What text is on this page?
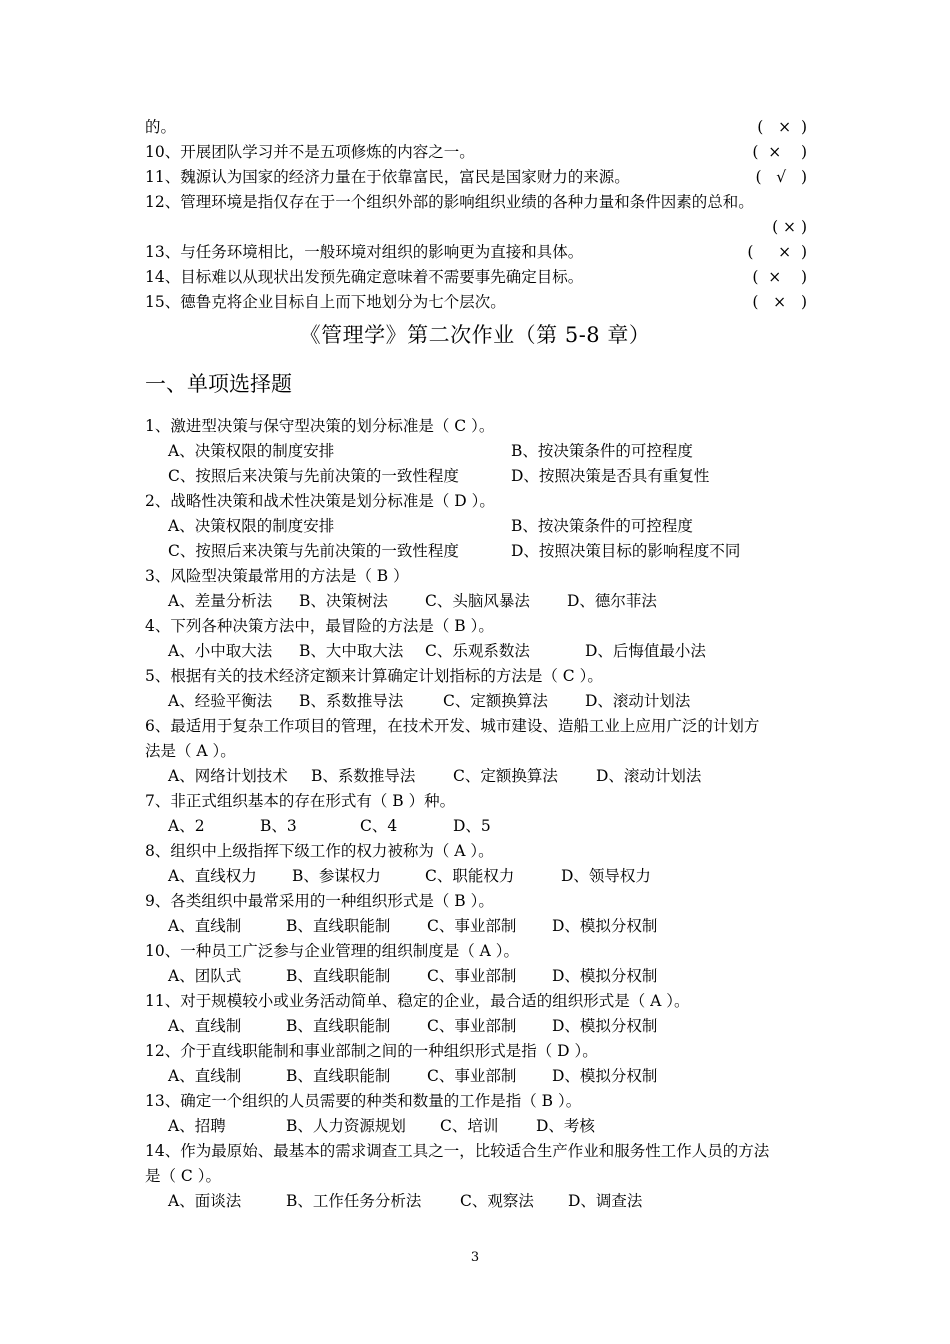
的。	(   ×  )
10、开展团队学习并不是五项修炼的内容之一。	(  ×    )
11、魏源认为国家的经济力量在于依靠富民，富民是国家财力的来源。	(   √   )
12、管理环境是指仅存在于一个组织外部的影响组织业绩的各种力量和条件因素的总和。
( × )
13、与任务环境相比，一般环境对组织的影响更为直接和具体。	(     ×  )
14、目标难以从现状出发预先确定意味着不需要事先确定目标。	(  ×    )
15、德鲁克将企业目标自上而下地划分为七个层次。	(   ×   )
《管理学》第二次作业（第 5-8 章）
一、单项选择题
1、激进型决策与保守型决策的划分标准是（ C ）。
A、决策权限的制度安排	B、按决策条件的可控程度
C、按照后来决策与先前决策的一致性程度	D、按照决策是否具有重复性
2、战略性决策和战术性决策是划分标准是（ D ）。
A、决策权限的制度安排	B、按决策条件的可控程度
C、按照后来决策与先前决策的一致性程度	D、按照决策目标的影响程度不同
3、风险型决策最常用的方法是（ B ）
A、差量分析法 B、决策树法 C、头脑风暴法 D、德尔菲法
4、下列各种决策方法中，最冒险的方法是（ B ）。
A、小中取大法 B、大中取大法 C、乐观系数法	D、后悔值最小法
5、根据有关的技术经济定额来计算确定计划指标的方法是（ C ）。
A、经验平衡法 B、系数推导法	C、定额换算法 D、滚动计划法
6、最适用于复杂工作项目的管理，在技术开发、城市建设、造船工业上应用广泛的计划方
法是（ A ）。
A、网络计划技术 B、系数推导法 C、定额换算法 D、滚动计划法
7、非正式组织基本的存在形式有（ B ）种。
A、2	B、3	C、4	D、5
8、组织中上级指挥下级工作的权力被称为（ A ）。
A、直线权力 B、参谋权力	C、职能权力	D、领导权力
9、各类组织中最常采用的一种组织形式是（ B ）。
A、直线制	B、直线职能制 C、事业部制 D、模拟分权制
10、一种员工广泛参与企业管理的组织制度是（ A ）。
A、团队式	B、直线职能制 C、事业部制 D、模拟分权制
11、对于规模较小或业务活动简单、稳定的企业，最合适的组织形式是（ A ）。
A、直线制	B、直线职能制 C、事业部制 D、模拟分权制
12、介于直线职能制和事业部制之间的一种组织形式是指（ D ）。
A、直线制	B、直线职能制 C、事业部制 D、模拟分权制
13、确定一个组织的人员需要的种类和数量的工作是指（ B ）。
A、招聘	B、人力资源规划 C、培训 D、考核
14、作为最原始、最基本的需求调查工具之一，比较适合生产作业和服务性工作人员的方法
是（ C ）。
A、面谈法	B、工作任务分析法 C、观察法 D、调查法
3
